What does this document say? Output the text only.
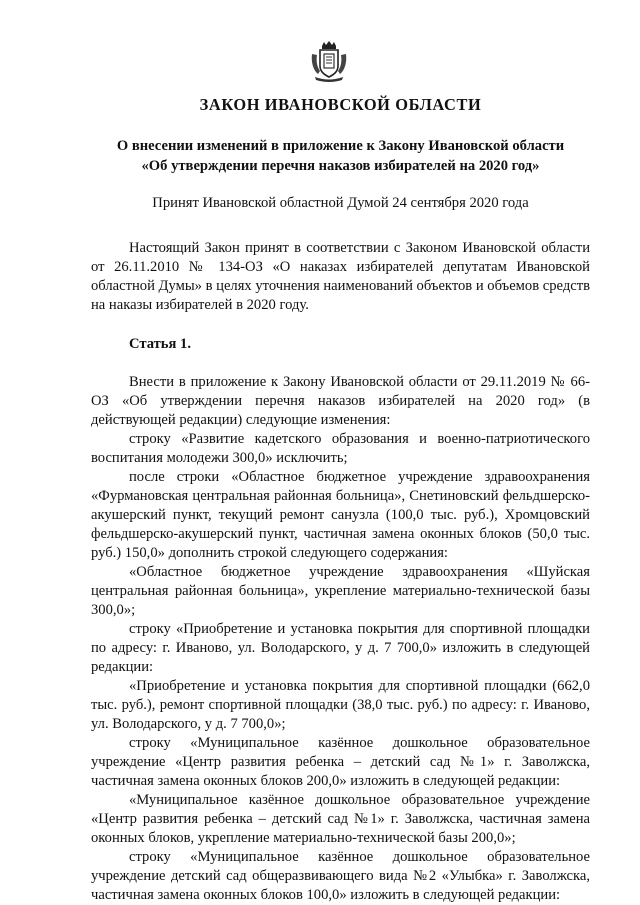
ЗАКОН ИВАНОВСКОЙ ОБЛАСТИ
О внесении изменений в приложение к Закону Ивановской области
«Об утверждении перечня наказов избирателей на 2020 год»
Принят Ивановской областной Думой 24 сентября 2020 года

Настоящий Закон принят в соответствии с Законом Ивановской области от 26.11.2010 № 134-ОЗ «О наказах избирателей депутатам Ивановской областной Думы» в целях уточнения наименований объектов и объемов средств на наказы избирателей в 2020 году.

Статья 1.

Внести в приложение к Закону Ивановской области от 29.11.2019 № 66-ОЗ «Об утверждении перечня наказов избирателей на 2020 год» (в действующей редакции) следующие изменения:

строку «Развитие кадетского образования и военно-патриотического воспитания молодежи 300,0» исключить;

после строки «Областное бюджетное учреждение здравоохранения «Фурмановская центральная районная больница», Снетиновский фельдшерско-акушерский пункт, текущий ремонт санузла (100,0 тыс. руб.), Хромцовский фельдшерско-акушерский пункт, частичная замена оконных блоков (50,0 тыс. руб.) 150,0» дополнить строкой следующего содержания:

«Областное бюджетное учреждение здравоохранения «Шуйская центральная районная больница», укрепление материально-технической базы 300,0»;

строку «Приобретение и установка покрытия для спортивной площадки по адресу: г. Иваново, ул. Володарского, у д. 7 700,0» изложить в следующей редакции:

«Приобретение и установка покрытия для спортивной площадки (662,0 тыс. руб.), ремонт спортивной площадки (38,0 тыс. руб.) по адресу: г. Иваново, ул. Володарского, у д. 7 700,0»;

строку «Муниципальное казённое дошкольное образовательное учреждение «Центр развития ребенка – детский сад №1» г. Заволжска, частичная замена оконных блоков 200,0» изложить в следующей редакции:

«Муниципальное казённое дошкольное образовательное учреждение «Центр развития ребенка – детский сад №1» г. Заволжска, частичная замена оконных блоков, укрепление материально-технической базы 200,0»;

строку «Муниципальное казённое дошкольное образовательное учреждение детский сад общеразвивающего вида №2 «Улыбка» г. Заволжска, частичная замена оконных блоков 100,0» изложить в следующей редакции:
